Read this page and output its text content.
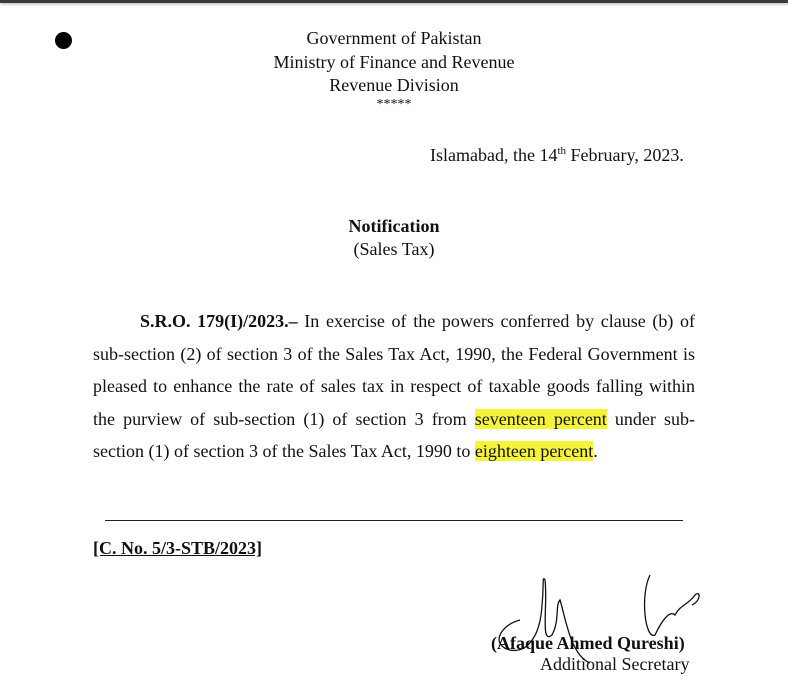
Government of Pakistan
Ministry of Finance and Revenue
Revenue Division
*****
Islamabad, the 14th February, 2023.
Notification
(Sales Tax)
S.R.O. 179(I)/2023.– In exercise of the powers conferred by clause (b) of sub-section (2) of section 3 of the Sales Tax Act, 1990, the Federal Government is pleased to enhance the rate of sales tax in respect of taxable goods falling within the purview of sub-section (1) of section 3 from seventeen percent under sub-section (1) of section 3 of the Sales Tax Act, 1990 to eighteen percent.
[C. No. 5/3-STB/2023]
(Afaque Ahmed Qureshi)
Additional Secretary
